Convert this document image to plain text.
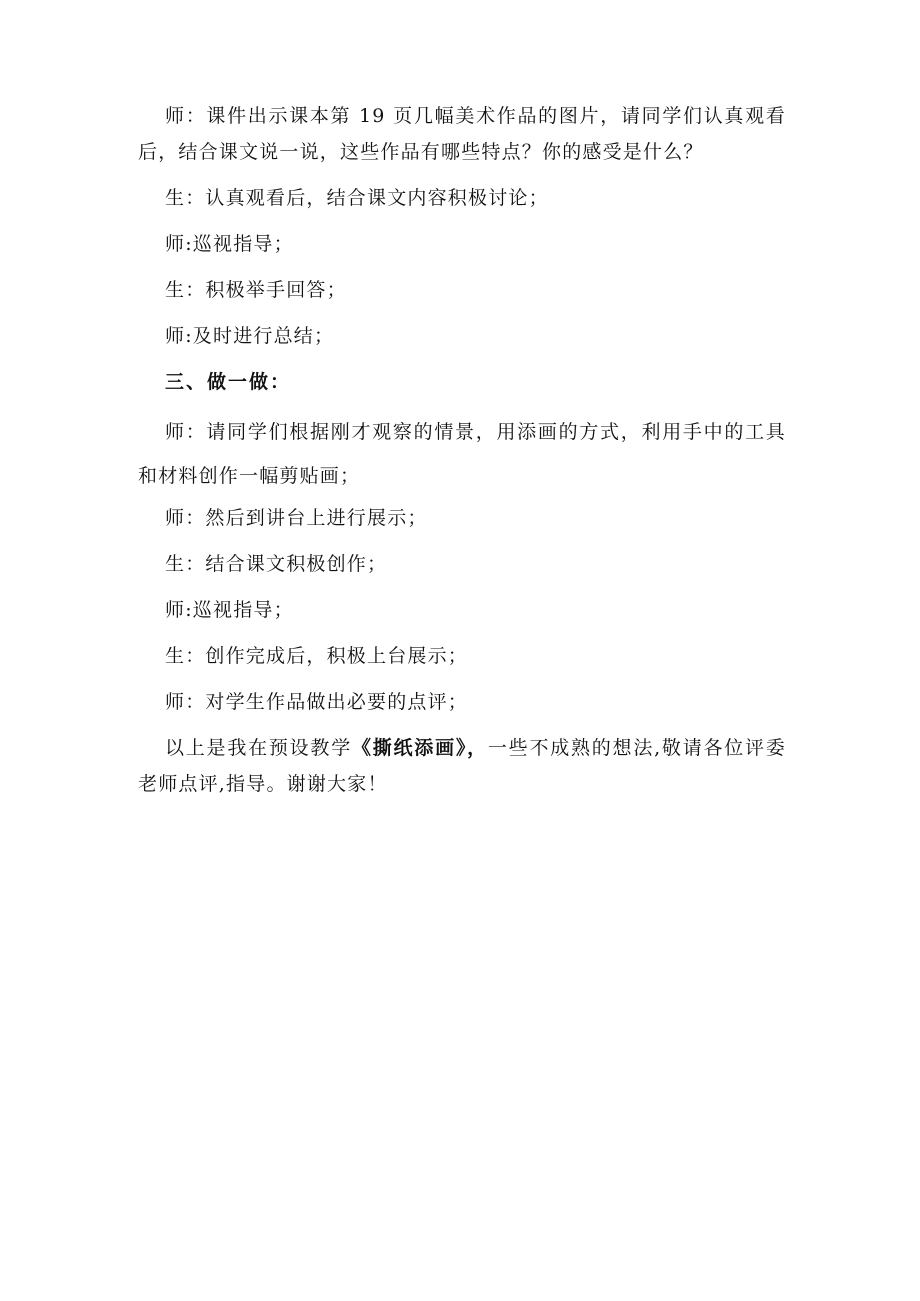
师：课件出示课本第 19 页几幅美术作品的图片，请同学们认真观看后，结合课文说一说，这些作品有哪些特点？你的感受是什么？

生：认真观看后，结合课文内容积极讨论；

师:巡视指导；

生：积极举手回答；

师:及时进行总结；

三、做一做：

师：请同学们根据刚才观察的情景，用添画的方式，利用手中的工具和材料创作一幅剪贴画；

师：然后到讲台上进行展示；

生：结合课文积极创作；

师:巡视指导；

生：创作完成后，积极上台展示；

师：对学生作品做出必要的点评；

以上是我在预设教学《撕纸添画》，一些不成熟的想法,敬请各位评委老师点评,指导。谢谢大家！
